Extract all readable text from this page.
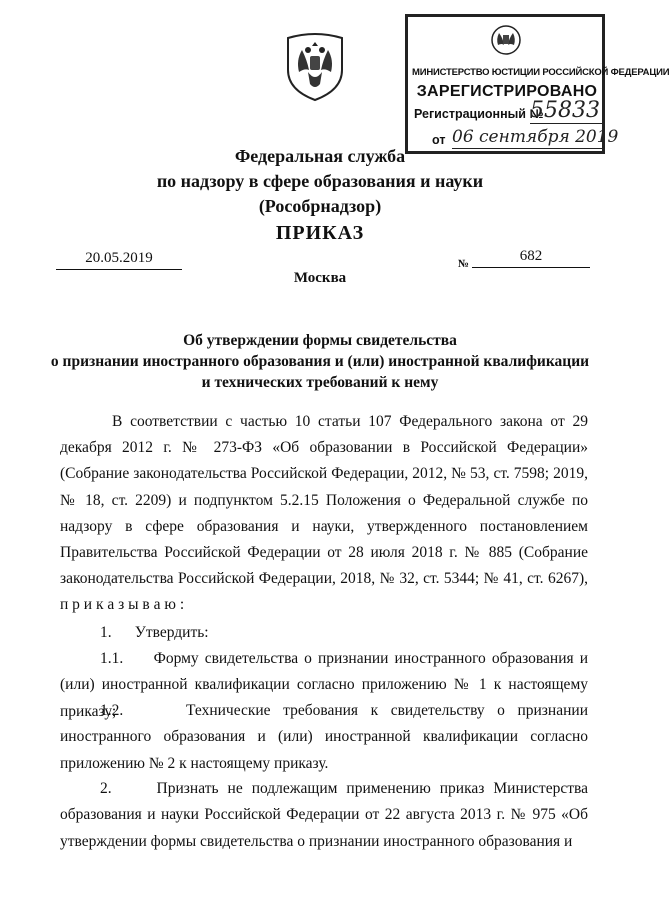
МИНИСТЕРСТВО ЮСТИЦИИ РОССИЙСКОЙ ФЕДЕРАЦИИ
ЗАРЕГИСТРИРОВАНО
Регистрационный №
55833
от 06 сентября 2019
Федеральная служба
по надзору в сфере образования и науки
(Рособрнадзор)
ПРИКАЗ
20.05.2019	№	682
Москва
Об утверждении формы свидетельства
о признании иностранного образования и (или) иностранной квалификации
и технических требований к нему

В соответствии с частью 10 статьи 107 Федерального закона от 29 декабря 2012 г. № 273-ФЗ «Об образовании в Российской Федерации» (Собрание законодательства Российской Федерации, 2012, № 53, ст. 7598; 2019, № 18, ст. 2209) и подпунктом 5.2.15 Положения о Федеральной службе по надзору в сфере образования и науки, утвержденного постановлением Правительства Российской Федерации от 28 июля 2018 г. № 885 (Собрание законодательства Российской Федерации, 2018, № 32, ст. 5344; № 41, ст. 6267), п р и к а з ы в а ю :

1.      Утвердить:

1.1.     Форму свидетельства о признании иностранного образования и (или) иностранной квалификации согласно приложению № 1 к настоящему приказу;

1.2.     Технические требования к свидетельству о признании иностранного образования и (или) иностранной квалификации согласно приложению № 2 к настоящему приказу.

2.     Признать не подлежащим применению приказ Министерства образования и науки Российской Федерации от 22 августа 2013 г. № 975 «Об утверждении формы свидетельства о признании иностранного образования и
